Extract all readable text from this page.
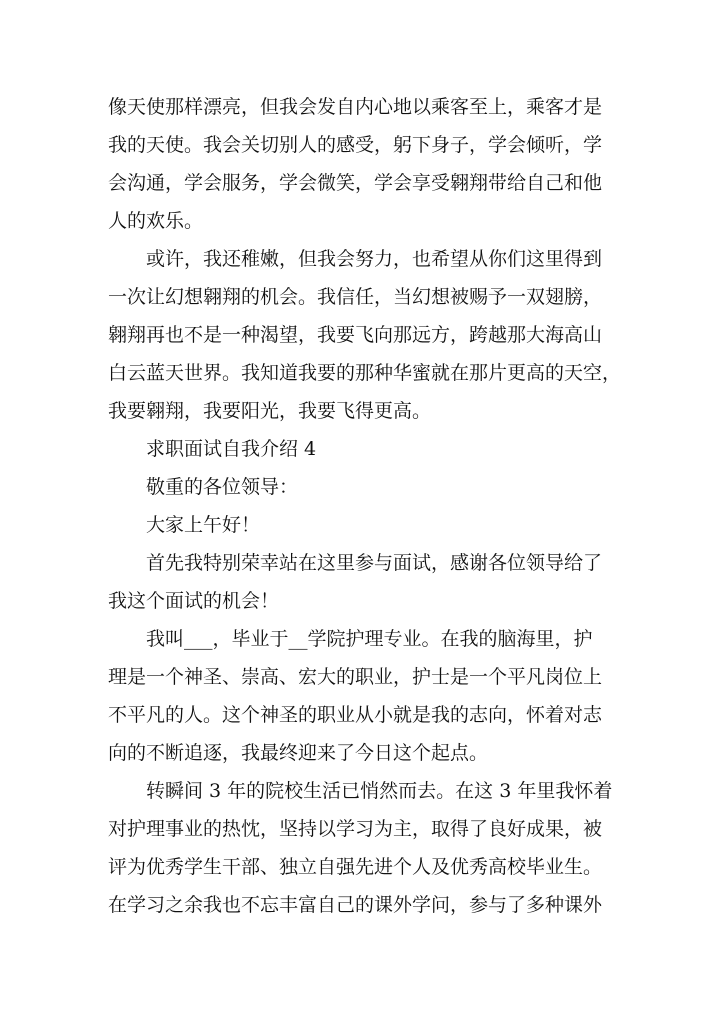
像天使那样漂亮，但我会发自内心地以乘客至上，乘客才是
我的天使。我会关切别人的感受，躬下身子，学会倾听，学
会沟通，学会服务，学会微笑，学会享受翱翔带给自己和他
人的欢乐。
或许，我还稚嫩，但我会努力，也希望从你们这里得到
一次让幻想翱翔的机会。我信任，当幻想被赐予一双翅膀，
翱翔再也不是一种渴望，我要飞向那远方，跨越那大海高山
白云蓝天世界。我知道我要的那种华蜜就在那片更高的天空，
我要翱翔，我要阳光，我要飞得更高。
求职面试自我介绍 4
敬重的各位领导：
大家上午好！
首先我特别荣幸站在这里参与面试，感谢各位领导给了
我这个面试的机会！
我叫___，毕业于__学院护理专业。在我的脑海里，护
理是一个神圣、崇高、宏大的职业，护士是一个平凡岗位上
不平凡的人。这个神圣的职业从小就是我的志向，怀着对志
向的不断追逐，我最终迎来了今日这个起点。
转瞬间 3 年的院校生活已悄然而去。在这 3 年里我怀着
对护理事业的热忱，坚持以学习为主，取得了良好成果，被
评为优秀学生干部、独立自强先进个人及优秀高校毕业生。
在学习之余我也不忘丰富自己的课外学问，参与了多种课外
